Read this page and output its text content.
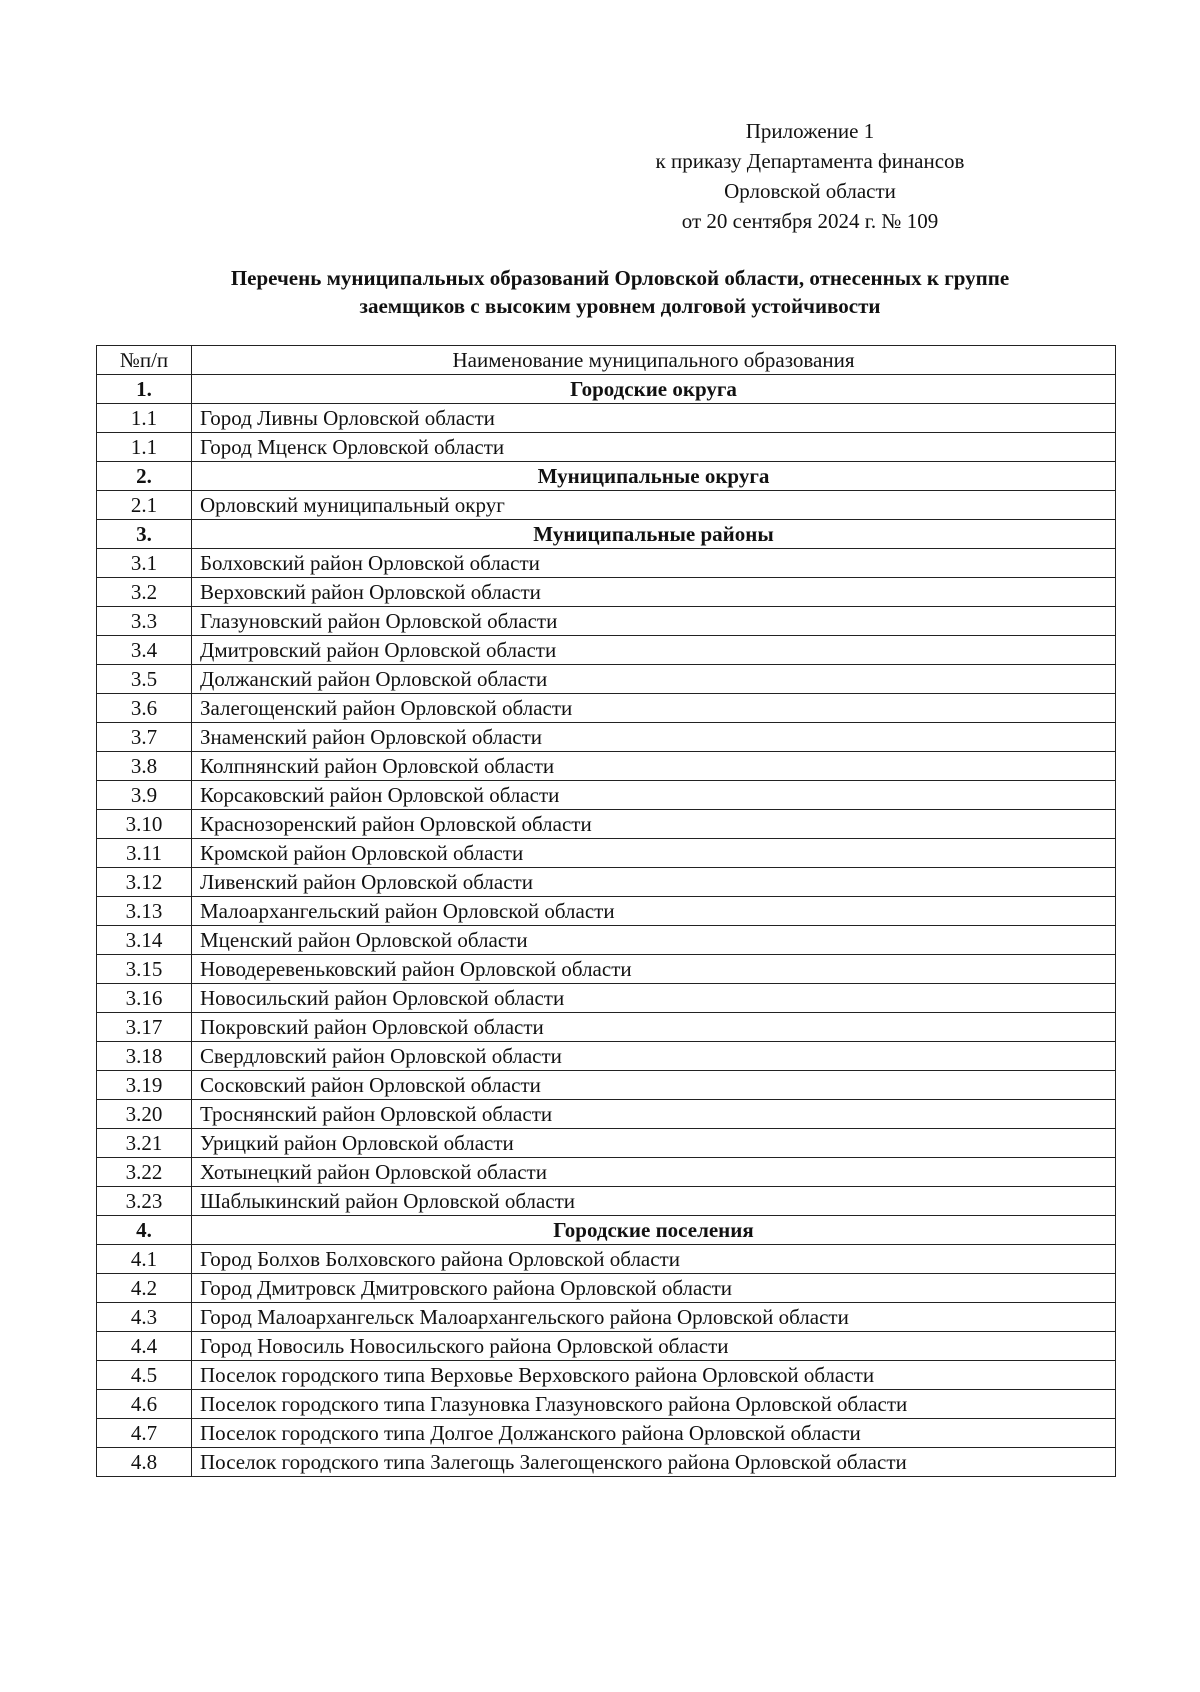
Приложение 1
к приказу Департамента финансов
Орловской области
от 20 сентября 2024 г. № 109
Перечень муниципальных образований Орловской области, отнесенных к группе
заемщиков с высоким уровнем долговой устойчивости
№п/п	Наименование муниципального образования
1.	Городские округа
1.1	Город Ливны Орловской области
1.1	Город Мценск Орловской области
2.	Муниципальные округа
2.1	Орловский муниципальный округ
3.	Муниципальные районы
3.1	Болховский район Орловской области
3.2	Верховский район Орловской области
3.3	Глазуновский район Орловской области
3.4	Дмитровский район Орловской области
3.5	Должанский район Орловской области
3.6	Залегощенский район Орловской области
3.7	Знаменский район Орловской области
3.8	Колпнянский район Орловской области
3.9	Корсаковский район Орловской области
3.10	Краснозоренский район Орловской области
3.11	Кромской район Орловской области
3.12	Ливенский район Орловской области
3.13	Малоархангельский район Орловской области
3.14	Мценский район Орловской области
3.15	Новодеревеньковский район Орловской области
3.16	Новосильский район Орловской области
3.17	Покровский район Орловской области
3.18	Свердловский район Орловской области
3.19	Сосковский район Орловской области
3.20	Троснянский район Орловской области
3.21	Урицкий район Орловской области
3.22	Хотынецкий район Орловской области
3.23	Шаблыкинский район Орловской области
4.	Городские поселения
4.1	Город Болхов Болховского района Орловской области
4.2	Город Дмитровск Дмитровского района Орловской области
4.3	Город Малоархангельск Малоархангельского района Орловской области
4.4	Город Новосиль Новосильского района Орловской области
4.5	Поселок городского типа Верховье Верховского района Орловской области
4.6	Поселок городского типа Глазуновка Глазуновского района Орловской области
4.7	Поселок городского типа Долгое Должанского района Орловской области
4.8	Поселок городского типа Залегощь Залегощенского района Орловской области
